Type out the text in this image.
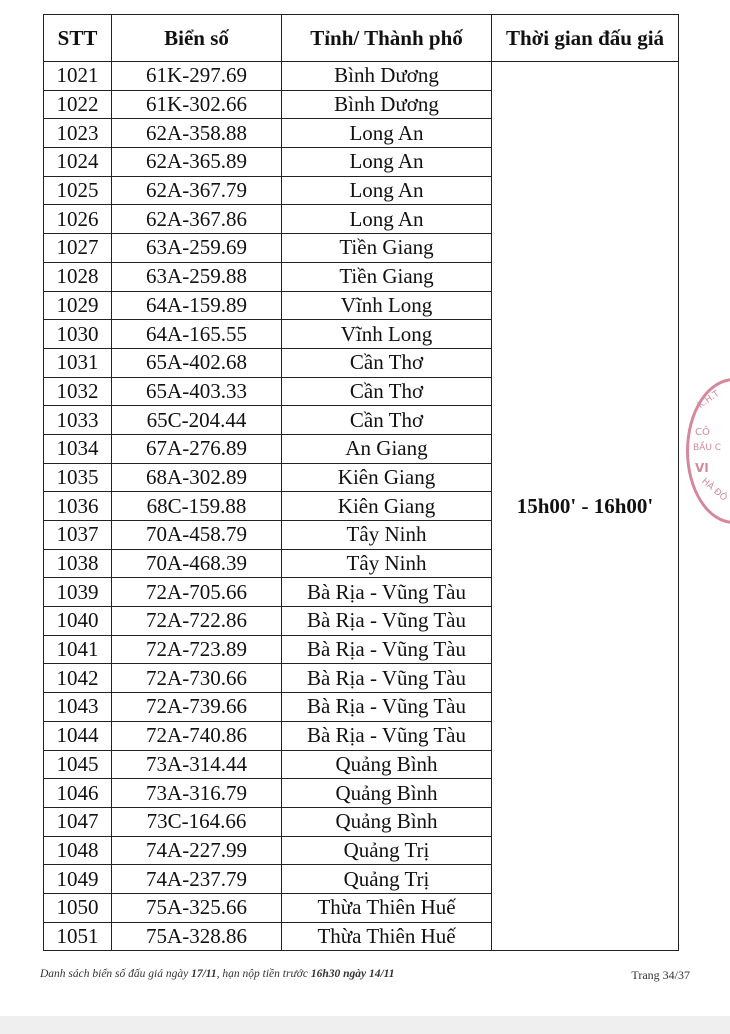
STT	Biển số	Tỉnh/ Thành phố	Thời gian đấu giá
1021	61K-297.69	Bình Dương	15h00' - 16h00'
1022	61K-302.66	Bình Dương	
1023	62A-358.88	Long An	
1024	62A-365.89	Long An	
1025	62A-367.79	Long An	
1026	62A-367.86	Long An	
1027	63A-259.69	Tiền Giang	
1028	63A-259.88	Tiền Giang	
1029	64A-159.89	Vĩnh Long	
1030	64A-165.55	Vĩnh Long	
1031	65A-402.68	Cần Thơ	
1032	65A-403.33	Cần Thơ	
1033	65C-204.44	Cần Thơ	
1034	67A-276.89	An Giang	
1035	68A-302.89	Kiên Giang	
1036	68C-159.88	Kiên Giang	
1037	70A-458.79	Tây Ninh	
1038	70A-468.39	Tây Ninh	
1039	72A-705.66	Bà Rịa - Vũng Tàu	
1040	72A-722.86	Bà Rịa - Vũng Tàu	
1041	72A-723.89	Bà Rịa - Vũng Tàu	
1042	72A-730.66	Bà Rịa - Vũng Tàu	
1043	72A-739.66	Bà Rịa - Vũng Tàu	
1044	72A-740.86	Bà Rịa - Vũng Tàu	
1045	73A-314.44	Quảng Bình	
1046	73A-316.79	Quảng Bình	
1047	73C-164.66	Quảng Bình	
1048	74A-227.99	Quảng Trị	
1049	74A-237.79	Quảng Trị	
1050	75A-325.66	Thừa Thiên Huế	
1051	75A-328.86	Thừa Thiên Huế	
Danh sách biển số đấu giá ngày 17/11, hạn nộp tiền trước 16h30 ngày 14/11	Trang 34/37
K.H.T
CÔ
BẦU C
VI
HÀ ĐÔ
